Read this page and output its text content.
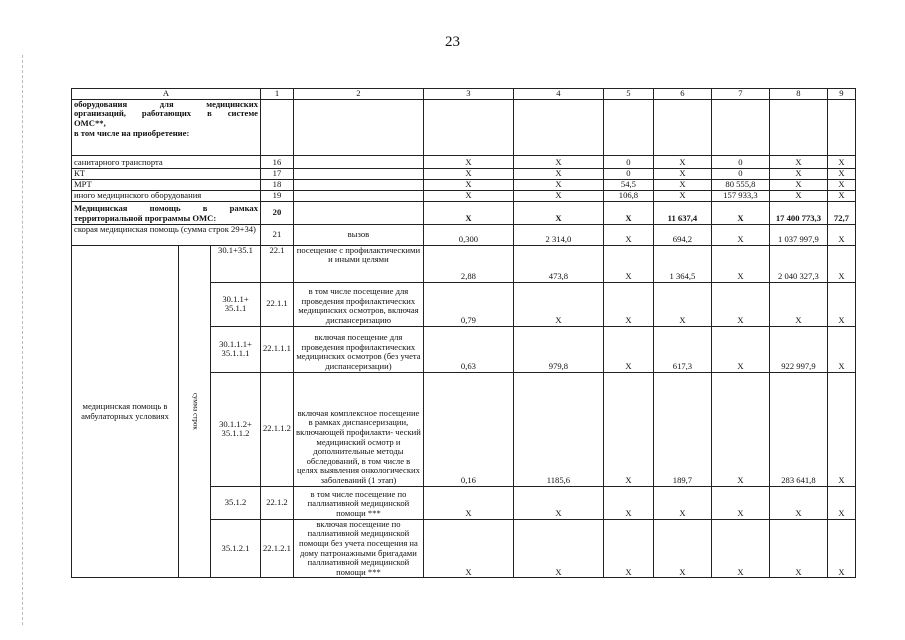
23
А			1	2	3	4	5	6	7	8	9

оборудования для медицинских
организаций, работающих в системе
ОМС**,
в том числе на приобретение:											

санитарного транспорта			16		X	X	0	X	0	X	X
КТ			17		X	X	0	X	0	X	X
МРТ			18		X	X	54,5	X	80 555,8	X	X
иного медицинского оборудования			19		X	X	106,8	X	157 933,3	X	X

Медицинская помощь в рамках
территориальной программы ОМС:			20		X	X	X	11 637,4	X	17 400 773,3	72,7
скорая медицинская помощь (сумма строк 29+34)			21	вызов	0,300	2 314,0	X	694,2	X	1 037 997,9	X
медицинская помощь в амбулаторных условиях	сумма строк	30.1+35.1	22.1	посещение с профилактическими и иными целями	2,88	473,8	X	1 364,5	X	2 040 327,3	X
		30.1.1+ 35.1.1	22.1.1	в том числе посещение для проведения профилактических медицинских осмотров, включая диспансеризацию	0,79	X	X	X	X	X	X
		30.1.1.1+ 35.1.1.1	22.1.1.1	включая посещение для проведения профилактических медицинских осмотров (без учета диспансеризации)	0,63	979,8	X	617,3	X	922 997,9	X
		30.1.1.2+ 35.1.1.2	22.1.1.2	включая комплексное посещение в рамках диспансеризации, включающей профилакти- ческий медицинский осмотр и дополнительные методы обследований, в том числе в целях выявления онкологических заболеваний (1 этап)	0,16	1185,6	X	189,7	X	283 641,8	X
		35.1.2	22.1.2	в том числе посещение по паллиативной медицинской помощи ***	X	X	X	X	X	X	X
		35.1.2.1	22.1.2.1	включая посещение по паллиативной медицинской помощи без учета посещения на дому патронажными бригадами паллиативной медицинской помощи ***	X	X	X	X	X	X	X
